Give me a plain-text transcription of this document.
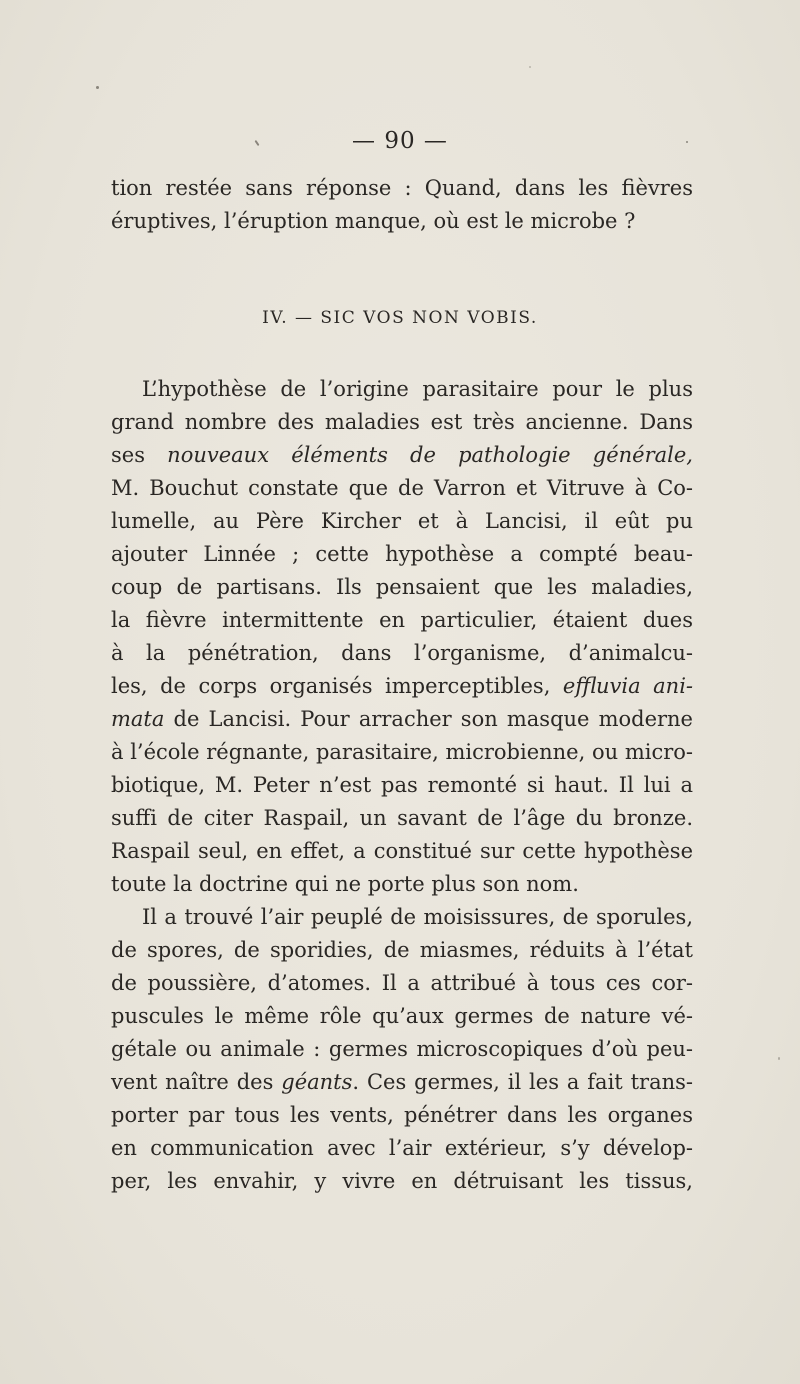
— 90 —
tion restée sans réponse : Quand, dans les fièvres
éruptives, l’éruption manque, où est le microbe ?
IV. — SIC VOS NON VOBIS.
L’hypothèse de l’origine parasitaire pour le plus
grand nombre des maladies est très ancienne. Dans
ses nouveaux éléments de pathologie générale,
M. Bouchut constate que de Varron et Vitruve à Co-
lumelle, au Père Kircher et à Lancisi, il eût pu
ajouter Linnée ; cette hypothèse a compté beau-
coup de partisans. Ils pensaient que les maladies,
la fièvre intermittente en particulier, étaient dues
à la pénétration, dans l’organisme, d’animalcu-
les, de corps organisés imperceptibles, effluvia ani-
mata de Lancisi. Pour arracher son masque moderne
à l’école régnante, parasitaire, microbienne, ou micro-
biotique, M. Peter n’est pas remonté si haut. Il lui a
suffi de citer Raspail, un savant de l’âge du bronze.
Raspail seul, en effet, a constitué sur cette hypothèse
toute la doctrine qui ne porte plus son nom.
Il a trouvé l’air peuplé de moisissures, de sporules,
de spores, de sporidies, de miasmes, réduits à l’état
de poussière, d’atomes. Il a attribué à tous ces cor-
puscules le même rôle qu’aux germes de nature vé-
gétale ou animale : germes microscopiques d’où peu-
vent naître des géants. Ces germes, il les a fait trans-
porter par tous les vents, pénétrer dans les organes
en communication avec l’air extérieur, s’y dévelop-
per, les envahir, y vivre en détruisant les tissus,
